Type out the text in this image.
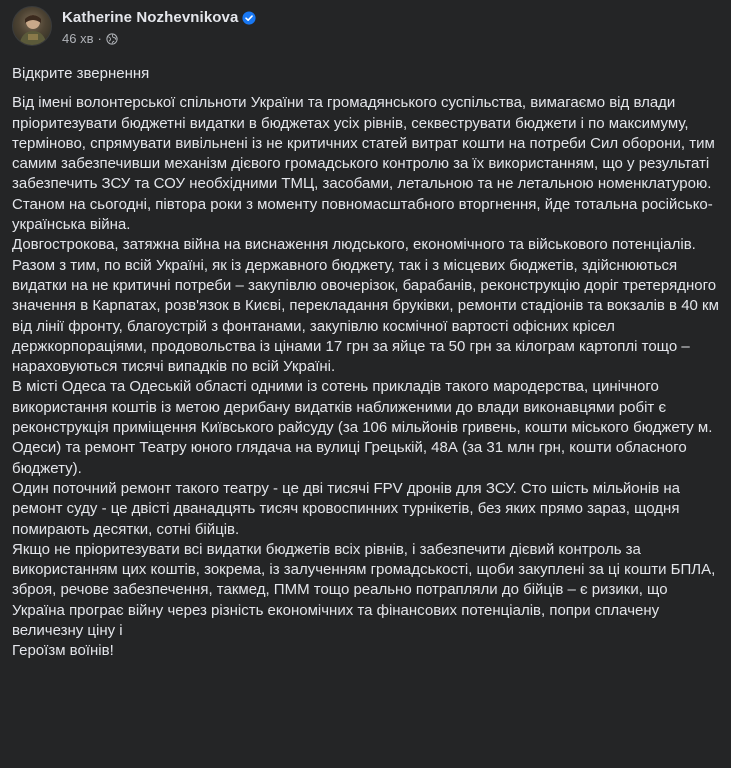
Katherine Nozhevnikova
46 хв ·

Відкрите звернення

Від імені волонтерської спільноти України та громадянського суспільства, вимагаємо від влади пріоритезувати бюджетні видатки в бюджетах усіх рівнів, секвеструвати бюджети і по максимуму, терміново, спрямувати вивільнені із не критичних статей витрат кошти на потреби Сил оборони, тим самим забезпечивши механізм дієвого громадського контролю за їх використанням, що у результаті забезпечить ЗСУ та СОУ необхідними ТМЦ, засобами, летальною та не летальною номенклатурою.

Станом на сьогодні, півтора роки з моменту повномасштабного вторгнення, йде тотальна російсько-українська війна.

Довгострокова, затяжна війна на виснаження людського, економічного та військового потенціалів.

Разом з тим, по всій Україні, як із державного бюджету, так і з місцевих бюджетів, здійснюються видатки на не критичні потреби – закупівлю овочерізок, барабанів, реконструкцію доріг третерядного значення в Карпатах, розв'язок в Києві, перекладання бруківки, ремонти стадіонів та вокзалів в 40 км від лінії фронту, благоустрій з фонтанами, закупівлю космічної вартості офісних крісел держкорпораціями, продовольства із цінами 17 грн за яйце та 50 грн за кілограм картоплі тощо – нараховуються тисячі випадків по всій Україні.

В місті Одеса та Одеській області одними із сотень прикладів такого мародерства, цинічного використання коштів із метою дерибану видатків наближеними до влади виконавцями робіт є реконструкція приміщення Київського райсуду (за 106 мільйонів гривень, кошти міського бюджету м. Одеси) та ремонт Театру юного глядача на вулиці Грецькій, 48А (за 31 млн грн, кошти обласного бюджету).

Один поточний ремонт такого театру - це дві тисячі FPV дронів для ЗСУ. Сто шість мільйонів на ремонт суду - це двісті дванадцять тисяч кровоспинних турнікетів, без яких прямо зараз, щодня помирають десятки, сотні бійців.

Якщо не пріоритезувати всі видатки бюджетів всіх рівнів, і забезпечити дієвий контроль за використанням цих коштів, зокрема, із залученням громадськості, щоби закуплені за ці кошти БПЛА, зброя, речове забезпечення, такмед, ПММ тощо реально потрапляли до бійців – є ризики, що Україна програє війну через різність економічних та фінансових потенціалів, попри сплачену величезну ціну і

Героїзм воїнів!
